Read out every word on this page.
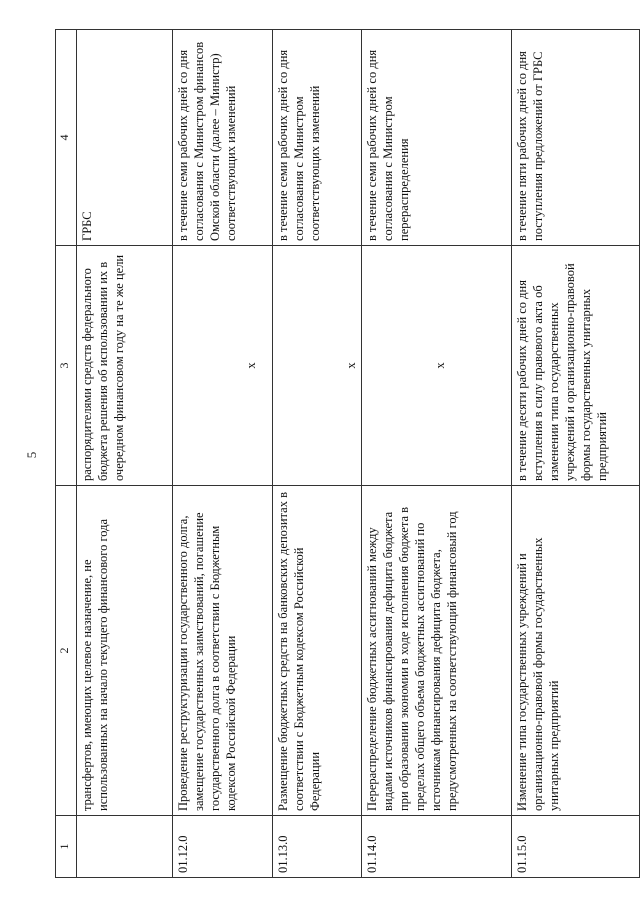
5
1	2	3	4
	трансфертов, имеющих целевое назначение, не использованных на начало текущего финансового года	распорядителями средств федерального бюджета решения об использовании их в очередном финансовом году на те же цели	ГРБС
01.12.0	Проведение реструктуризации государственного долга, замещение государственных заимствований, погашение государственного долга в соответствии с Бюджетным кодексом Российской Федерации	х	в течение семи рабочих дней со дня согласования с Министром финансов Омской области (далее – Министр) соответствующих изменений
01.13.0	Размещение бюджетных средств на банковских депозитах в соответствии с Бюджетным кодексом Российской Федерации	х	в течение семи рабочих дней со дня согласования с Министром соответствующих изменений
01.14.0	Перераспределение бюджетных ассигнований между видами источников финансирования дефицита бюджета при образовании экономии в ходе исполнения бюджета в пределах общего объема бюджетных ассигнований по источникам финансирования дефицита бюджета, предусмотренных на соответствующий финансовый год	х	в течение семи рабочих дней со дня согласования с Министром перераспределения
01.15.0	Изменение типа государственных учреждений и организационно-правовой формы государственных унитарных предприятий	в течение десяти рабочих дней со дня вступления в силу правового акта об изменении типа государственных учреждений и организационно-правовой формы государственных унитарных предприятий	в течение пяти рабочих дней со дня поступления предложений от ГРБС
